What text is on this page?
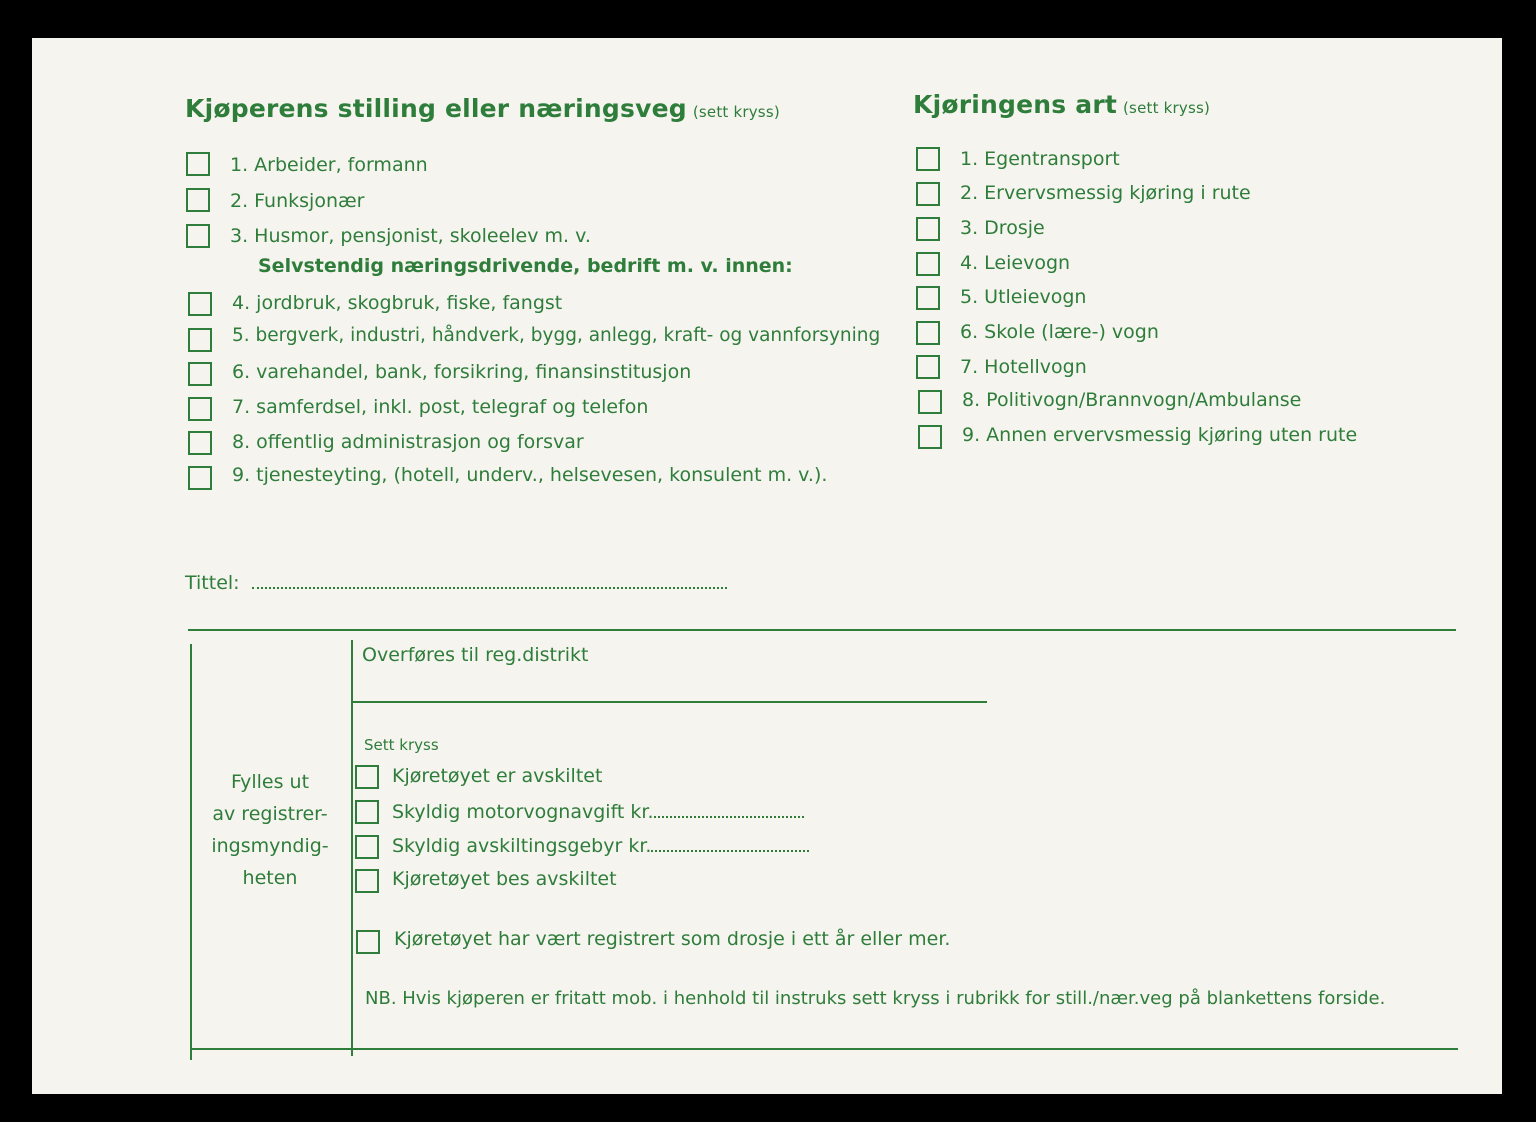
Kjøperens stilling eller næringsveg (sett kryss)
1. Arbeider, formann
2. Funksjonær
3. Husmor, pensjonist, skoleelev m. v.
Selvstendig næringsdrivende, bedrift m. v. innen:
4. jordbruk, skogbruk, fiske, fangst
5. bergverk, industri, håndverk, bygg, anlegg, kraft- og vannforsyning
6. varehandel, bank, forsikring, finansinstitusjon
7. samferdsel, inkl. post, telegraf og telefon
8. offentlig administrasjon og forsvar
9. tjenesteyting, (hotell, underv., helsevesen, konsulent m. v.).
Tittel:
Kjøringens art (sett kryss)
1. Egentransport
2. Ervervsmessig kjøring i rute
3. Drosje
4. Leievogn
5. Utleievogn
6. Skole (lære-) vogn
7. Hotellvogn
8. Politivogn/Brannvogn/Ambulanse
9. Annen ervervsmessig kjøring uten rute
Fylles ut
av registrer-
ingsmyndig-
heten
Overføres til reg.distrikt
Sett kryss
Kjøretøyet er avskiltet
Skyldig motorvognavgift kr.
Skyldig avskiltingsgebyr kr.
Kjøretøyet bes avskiltet
Kjøretøyet har vært registrert som drosje i ett år eller mer.
NB. Hvis kjøperen er fritatt mob. i henhold til instruks sett kryss i rubrikk for still./nær.veg på blankettens forside.
